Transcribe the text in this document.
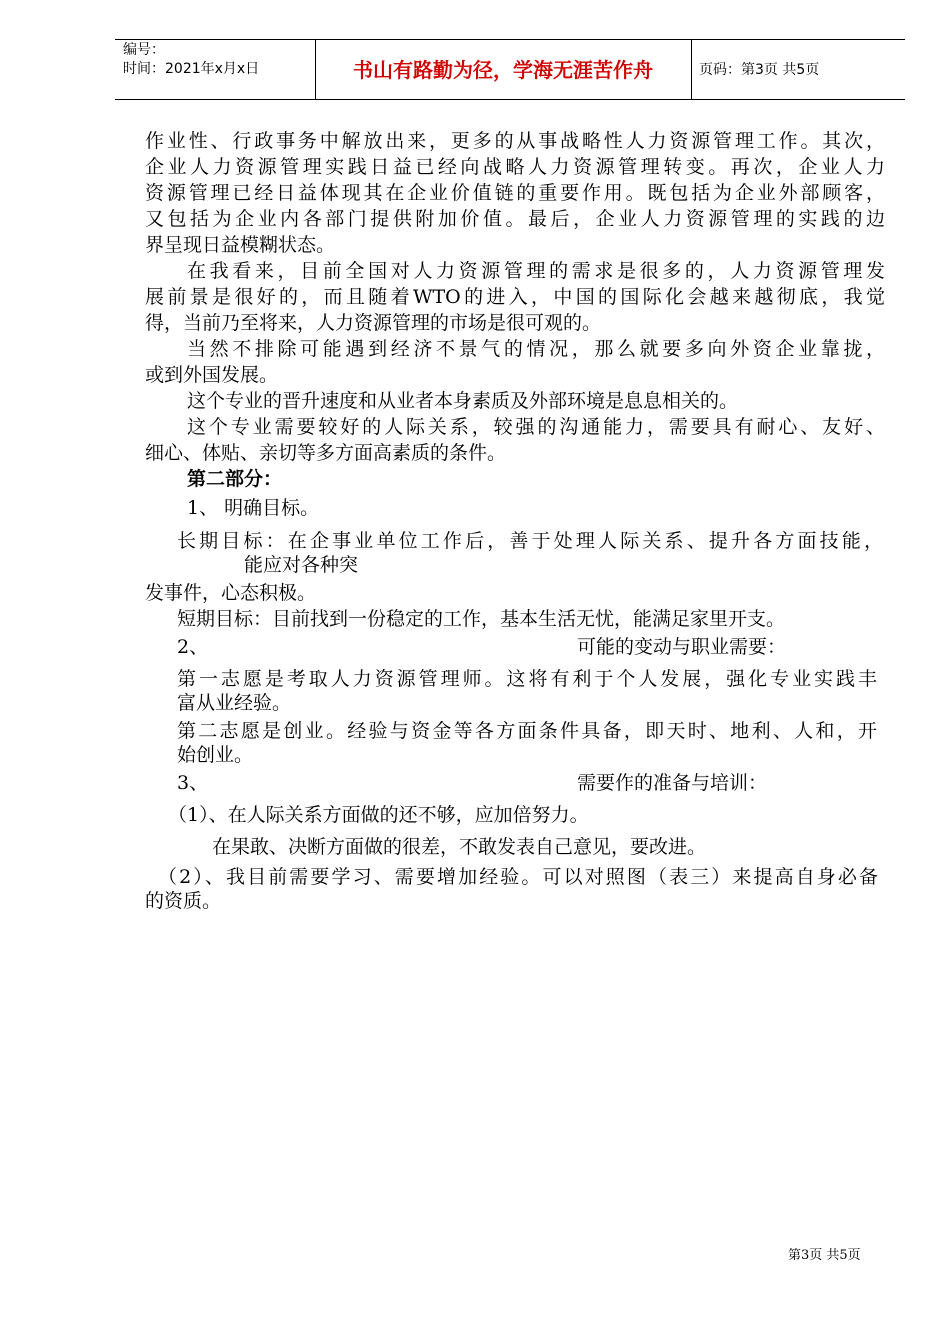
编号：
时间：2021年x月x日	书山有路勤为径，学海无涯苦作舟	页码：第3页 共5页
作业性、行政事务中解放出来，更多的从事战略性人力资源管理工作。其次，
企业人力资源管理实践日益已经向战略人力资源管理转变。再次，企业人力
资源管理已经日益体现其在企业价值链的重要作用。既包括为企业外部顾客，
又包括为企业内各部门提供附加价值。最后，企业人力资源管理的实践的边
界呈现日益模糊状态。
在我看来，目前全国对人力资源管理的需求是很多的，人力资源管理发
展前景是很好的，而且随着WTO的进入，中国的国际化会越来越彻底，我觉
得，当前乃至将来，人力资源管理的市场是很可观的。
当然不排除可能遇到经济不景气的情况，那么就要多向外资企业靠拢，
或到外国发展。
这个专业的晋升速度和从业者本身素质及外部环境是息息相关的。
这个专业需要较好的人际关系，较强的沟通能力，需要具有耐心、友好、
细心、体贴、亲切等多方面高素质的条件。
第二部分：
1、 明确目标。
长期目标：在企事业单位工作后，善于处理人际关系、提升各方面技能，
能应对各种突
发事件，心态积极。
短期目标：目前找到一份稳定的工作，基本生活无忧，能满足家里开支。
2、	可能的变动与职业需要：
第一志愿是考取人力资源管理师。这将有利于个人发展，强化专业实践丰
富从业经验。
第二志愿是创业。经验与资金等各方面条件具备，即天时、地利、人和，开
始创业。
3、	需要作的准备与培训：
（1）、在人际关系方面做的还不够，应加倍努力。
在果敢、决断方面做的很差，不敢发表自己意见，要改进。
（2）、我目前需要学习、需要增加经验。可以对照图（表三）来提高自身必备
的资质。
第3页 共5页
